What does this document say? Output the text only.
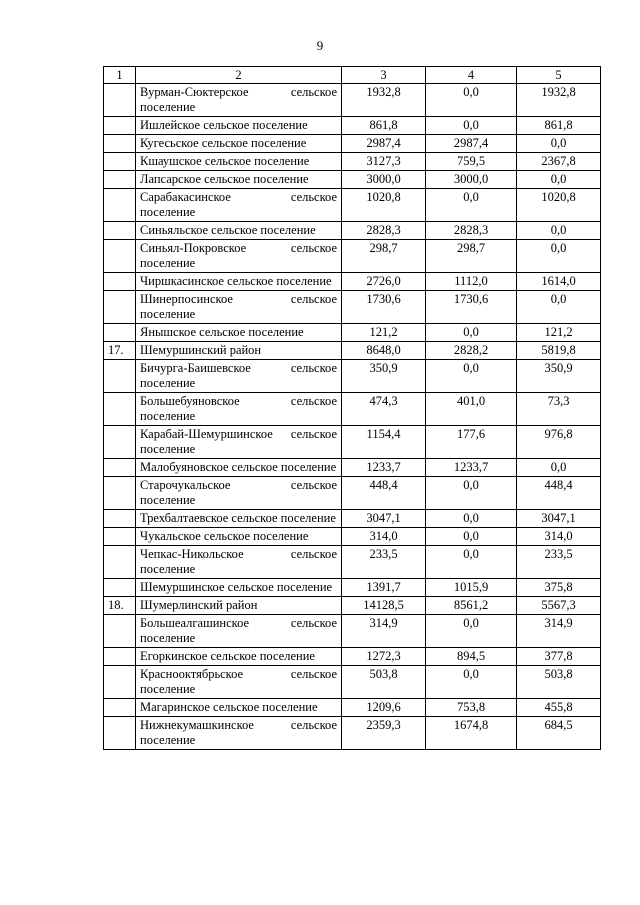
9
1	2	3	4	5
	Вурман-Сюктерское сельское поселение	1932,8	0,0	1932,8
	Ишлейское сельское поселение	861,8	0,0	861,8
	Кугесьское сельское поселение	2987,4	2987,4	0,0
	Кшаушское сельское поселение	3127,3	759,5	2367,8
	Лапсарское сельское поселение	3000,0	3000,0	0,0
	Сарабакасинское сельское поселение	1020,8	0,0	1020,8
	Синьяльское сельское поселение	2828,3	2828,3	0,0
	Синьял-Покровское сельское поселение	298,7	298,7	0,0
	Чиршкасинское сельское поселение	2726,0	1112,0	1614,0
	Шинерпосинское сельское поселение	1730,6	1730,6	0,0
	Янышское сельское поселение	121,2	0,0	121,2
17.	Шемуршинский район	8648,0	2828,2	5819,8
	Бичурга-Баишевское сельское поселение	350,9	0,0	350,9
	Большебуяновское сельское поселение	474,3	401,0	73,3
	Карабай-Шемуршинское сельское поселение	1154,4	177,6	976,8
	Малобуяновское сельское поселение	1233,7	1233,7	0,0
	Старочукальское сельское поселение	448,4	0,0	448,4
	Трехбалтаевское сельское поселение	3047,1	0,0	3047,1
	Чукальское сельское поселение	314,0	0,0	314,0
	Чепкас-Никольское сельское поселение	233,5	0,0	233,5
	Шемуршинское сельское поселение	1391,7	1015,9	375,8
18.	Шумерлинский район	14128,5	8561,2	5567,3
	Большеалгашинское сельское поселение	314,9	0,0	314,9
	Егоркинское сельское поселение	1272,3	894,5	377,8
	Краснооктябрьское сельское поселение	503,8	0,0	503,8
	Магаринское сельское поселение	1209,6	753,8	455,8
	Нижнекумашкинское сельское поселение	2359,3	1674,8	684,5
